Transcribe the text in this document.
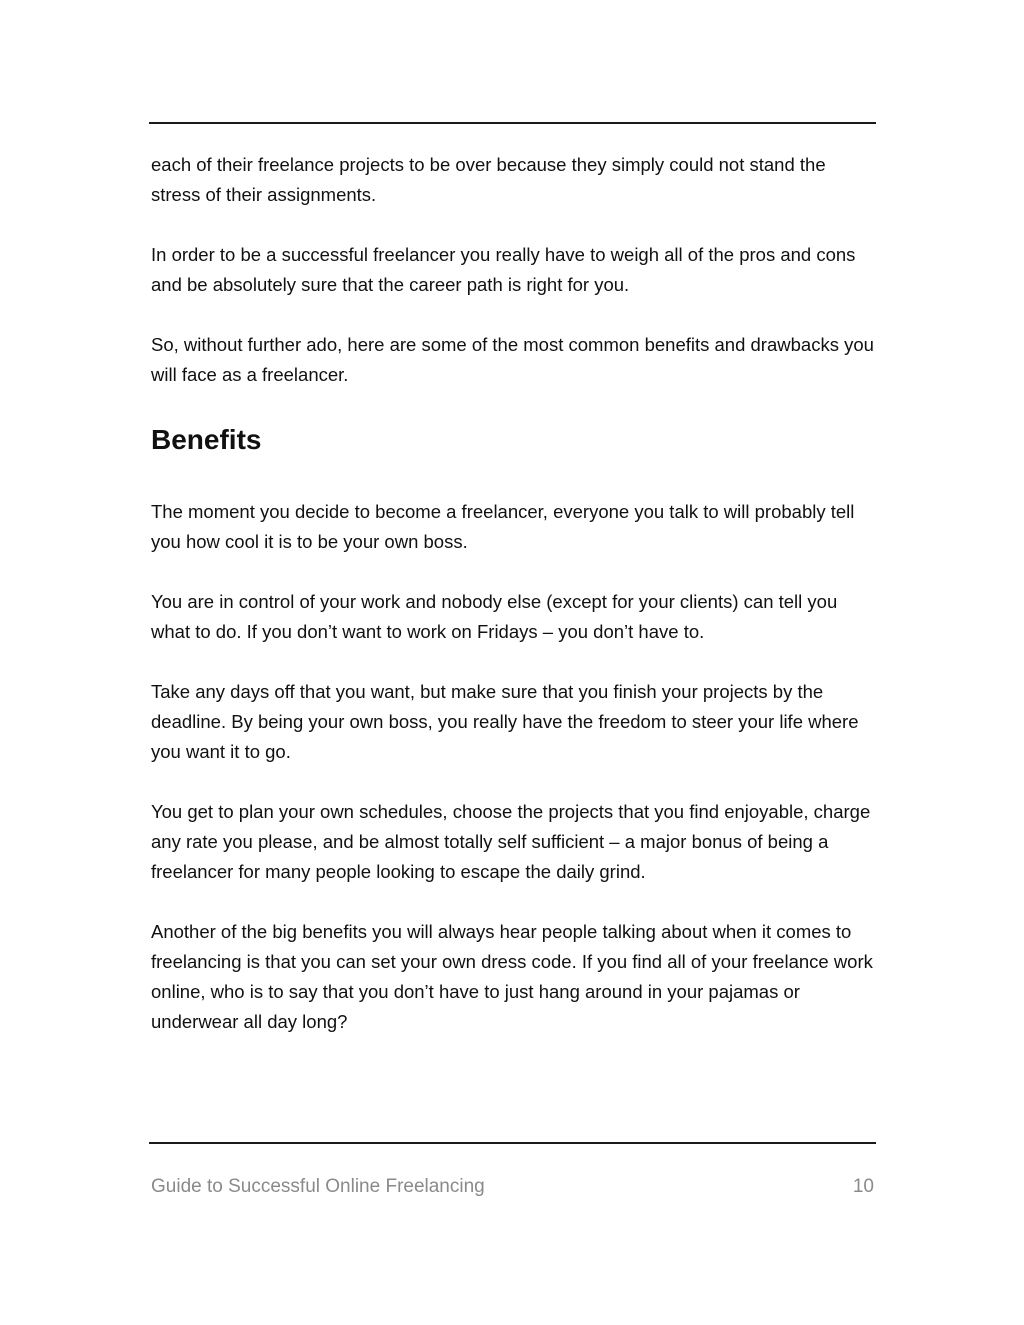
each of their freelance projects to be over because they simply could not stand the stress of their assignments.

In order to be a successful freelancer you really have to weigh all of the pros and cons and be absolutely sure that the career path is right for you.

So, without further ado, here are some of the most common benefits and drawbacks you will face as a freelancer.

Benefits

The moment you decide to become a freelancer, everyone you talk to will probably tell you how cool it is to be your own boss.

You are in control of your work and nobody else (except for your clients) can tell you what to do. If you don’t want to work on Fridays – you don’t have to.

Take any days off that you want, but make sure that you finish your projects by the deadline. By being your own boss, you really have the freedom to steer your life where you want it to go.

You get to plan your own schedules, choose the projects that you find enjoyable, charge any rate you please, and be almost totally self sufficient – a major bonus of being a freelancer for many people looking to escape the daily grind.

Another of the big benefits you will always hear people talking about when it comes to freelancing is that you can set your own dress code. If you find all of your freelance work online, who is to say that you don’t have to just hang around in your pajamas or underwear all day long?

Guide to Successful Online Freelancing	10
